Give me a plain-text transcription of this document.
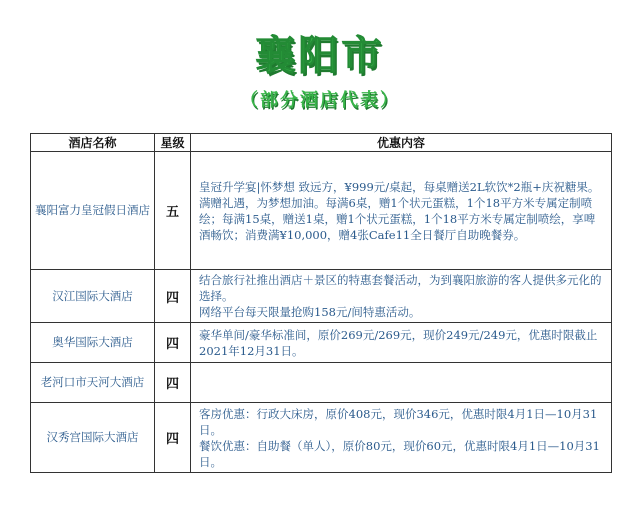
襄阳市
（部分酒店代表）
酒店名称	星级	优惠内容
襄阳富力皇冠假日酒店	五	皇冠升学宴|怀梦想 致远方，¥999元/桌起，每桌赠送2L软饮*2瓶+庆祝糖果。
满赠礼遇，为梦想加油。每满6桌，赠1个状元蛋糕，1个18平方米专属定制喷绘；每满15桌，赠送1桌，赠1个状元蛋糕，1个18平方米专属定制喷绘，享啤酒畅饮；消费满¥10,000，赠4张Cafe11全日餐厅自助晚餐券。

汉江国际大酒店	四	结合旅行社推出酒店＋景区的特惠套餐活动，为到襄阳旅游的客人提供多元化的选择。
网络平台每天限量抢购158元/间特惠活动。

奥华国际大酒店	四	豪华单间/豪华标准间，原价269元/269元，现价249元/249元，优惠时限截止2021年12月31日。

老河口市天河大酒店	四	
汉秀宫国际大酒店	四	客房优惠：行政大床房，原价408元，现价346元，优惠时限4月1日—10月31日。
餐饮优惠：自助餐（单人），原价80元，现价60元，优惠时限4月1日—10月31日。
